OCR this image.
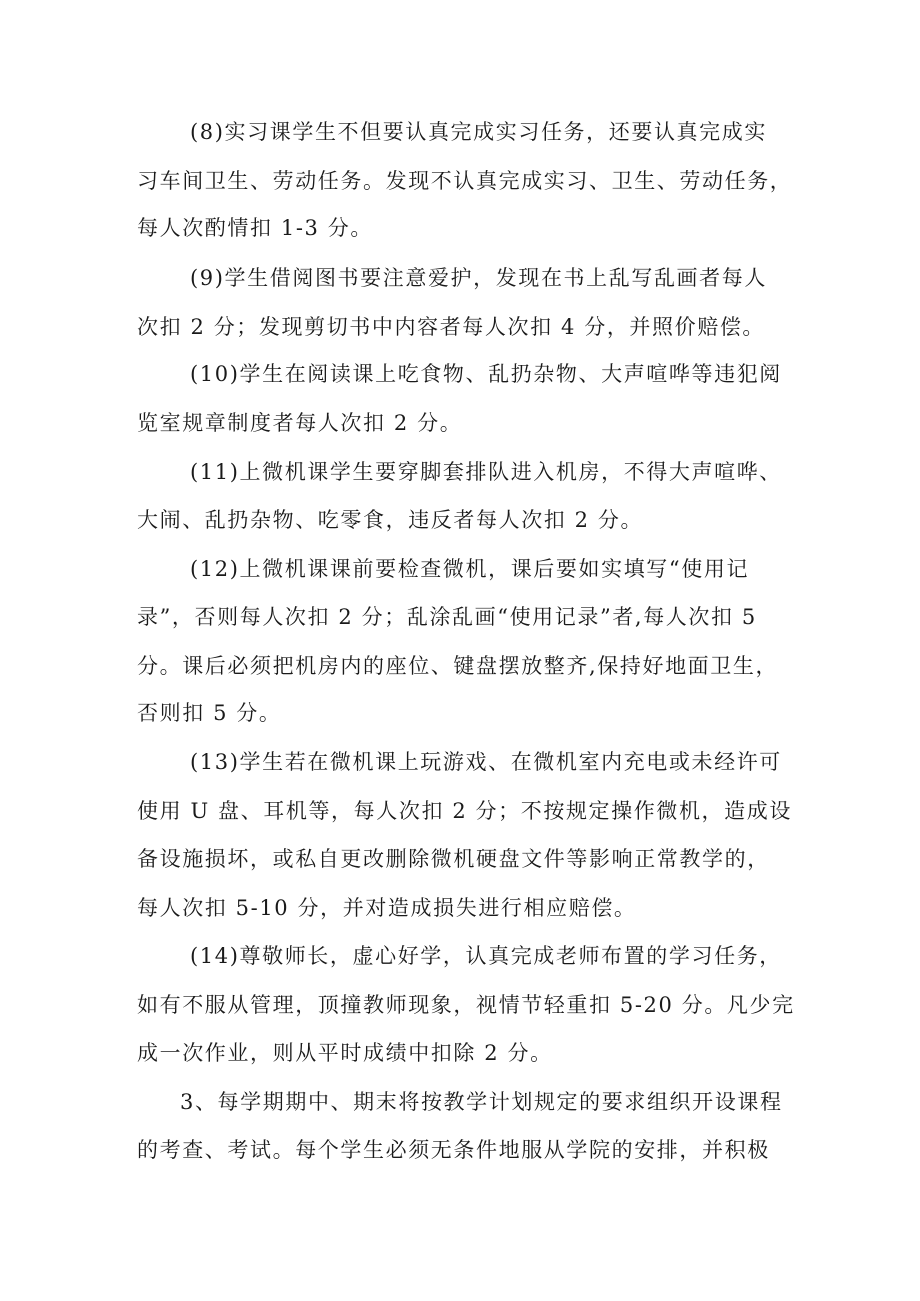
(8)实习课学生不但要认真完成实习任务，还要认真完成实
习车间卫生、劳动任务。发现不认真完成实习、卫生、劳动任务，
每人次酌情扣 1-3 分。
(9)学生借阅图书要注意爱护，发现在书上乱写乱画者每人
次扣 2 分；发现剪切书中内容者每人次扣 4 分，并照价赔偿。
(10)学生在阅读课上吃食物、乱扔杂物、大声喧哗等违犯阅
览室规章制度者每人次扣 2 分。
(11)上微机课学生要穿脚套排队进入机房，不得大声喧哗、
大闹、乱扔杂物、吃零食，违反者每人次扣 2 分。
(12)上微机课课前要检查微机，课后要如实填写“使用记
录”，否则每人次扣 2 分；乱涂乱画“使用记录”者,每人次扣 5
分。课后必须把机房内的座位、键盘摆放整齐,保持好地面卫生，
否则扣 5 分。
(13)学生若在微机课上玩游戏、在微机室内充电或未经许可
使用 U 盘、耳机等，每人次扣 2 分；不按规定操作微机，造成设
备设施损坏，或私自更改删除微机硬盘文件等影响正常教学的，
每人次扣 5-10 分，并对造成损失进行相应赔偿。
(14)尊敬师长，虚心好学，认真完成老师布置的学习任务，
如有不服从管理，顶撞教师现象，视情节轻重扣 5-20 分。凡少完
成一次作业，则从平时成绩中扣除 2 分。
3、每学期期中、期末将按教学计划规定的要求组织开设课程
的考查、考试。每个学生必须无条件地服从学院的安排，并积极
